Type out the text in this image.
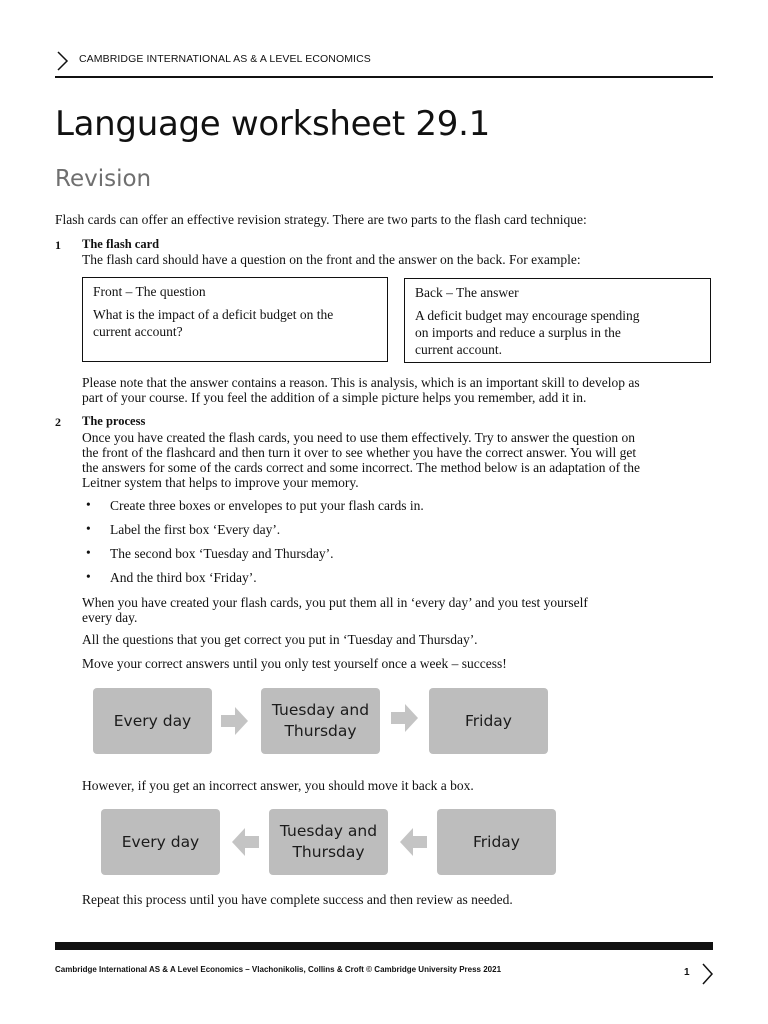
CAMBRIDGE INTERNATIONAL AS & A LEVEL ECONOMICS
Language worksheet 29.1
Revision
Flash cards can offer an effective revision strategy. There are two parts to the flash card technique:
1 The flash card
The flash card should have a question on the front and the answer on the back. For example:
Front – The question
What is the impact of a deficit budget on the
current account?
Back – The answer
A deficit budget may encourage spending
on imports and reduce a surplus in the
current account.
Please note that the answer contains a reason. This is analysis, which is an important skill to develop as
part of your course. If you feel the addition of a simple picture helps you remember, add it in.
2 The process
Once you have created the flash cards, you need to use them effectively. Try to answer the question on
the front of the flashcard and then turn it over to see whether you have the correct answer. You will get
the answers for some of the cards correct and some incorrect. The method below is an adaptation of the
Leitner system that helps to improve your memory.
• Create three boxes or envelopes to put your flash cards in.
• Label the first box ‘Every day’.
• The second box ‘Tuesday and Thursday’.
• And the third box ‘Friday’.
When you have created your flash cards, you put them all in ‘every day’ and you test yourself
every day.
All the questions that you get correct you put in ‘Tuesday and Thursday’.
Move your correct answers until you only test yourself once a week – success!
Every day
Tuesday and
Thursday
Friday
However, if you get an incorrect answer, you should move it back a box.
Every day
Tuesday and
Thursday
Friday
Repeat this process until you have complete success and then review as needed.
Cambridge International AS & A Level Economics – Vlachonikolis, Collins & Croft © Cambridge University Press 2021	1
